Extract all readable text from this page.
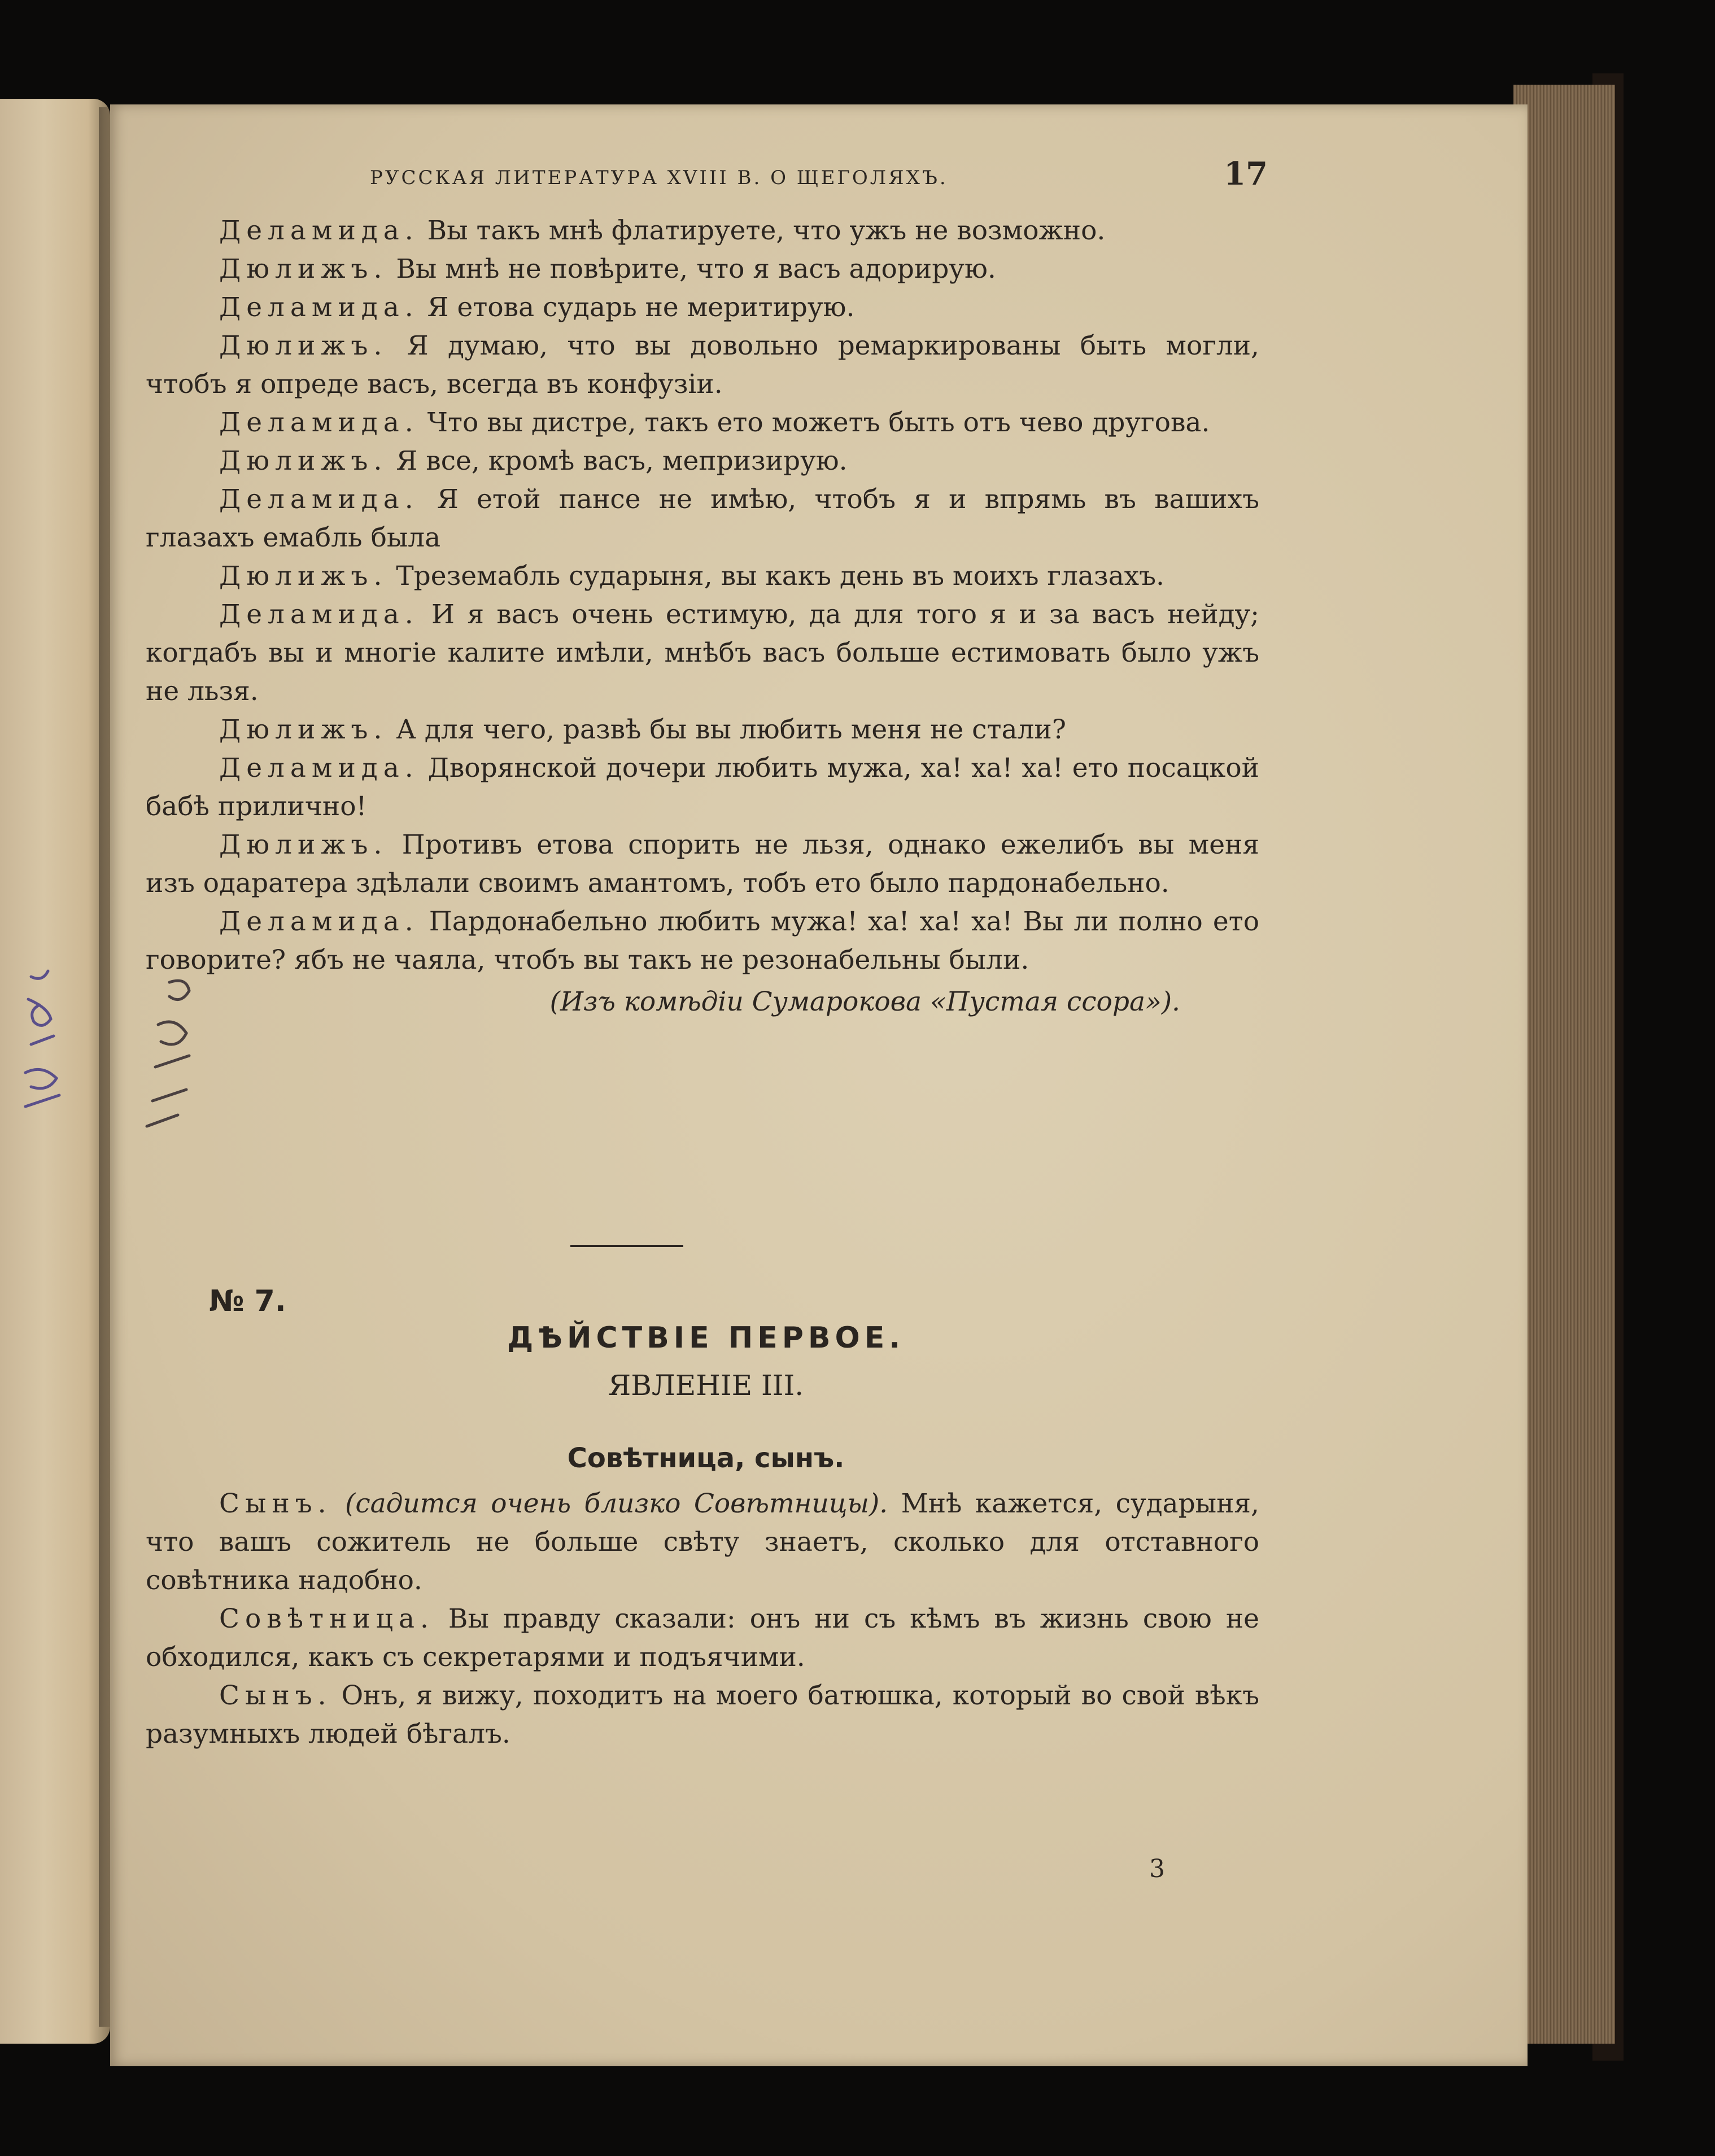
РУССКАЯ ЛИТЕРАТУРА XVIII В. О ЩЕГОЛЯХЪ.	17

Деламида. Вы такъ мнѣ флатируете, что ужъ не возможно.

Дюлижъ. Вы мнѣ не повѣрите, что я васъ адорирую.

Деламида. Я етова сударь не меритирую.

Дюлижъ. Я думаю, что вы довольно ремаркированы быть могли, чтобъ я опреде васъ, всегда въ конфузіи.

Деламида. Что вы дистре, такъ ето можетъ быть отъ чево другова.

Дюлижъ. Я все, кромѣ васъ, мепризирую.

Деламида. Я етой пансе не имѣю, чтобъ я и впрямь въ вашихъ глазахъ емабль была

Дюлижъ. Треземабль сударыня, вы какъ день въ моихъ глазахъ.

Деламида. И я васъ очень естимую, да для того я и за васъ нейду; когдабъ вы и многіе калите имѣли, мнѣбъ васъ больше естимовать было ужъ не льзя.

Дюлижъ. А для чего, развѣ бы вы любить меня не стали?

Деламида. Дворянской дочери любить мужа, ха! ха! ха! ето посацкой бабѣ прилично!

Дюлижъ. Противъ етова спорить не льзя, однако ежелибъ вы меня изъ одаратера здѣлали своимъ амантомъ, тобъ ето было пардонабельно.

Деламида. Пардонабельно любить мужа! ха! ха! ха! Вы ли полно ето говорите? ябъ не чаяла, чтобъ вы такъ не резонабельны были.

(Изъ комѣдіи Сумарокова «Пустая ссора»).

№ 7.
ДѢЙСТВІЕ ПЕРВОЕ.
ЯВЛЕНІЕ III.
Совѣтница, сынъ.

Сынъ. (садится очень близко Совѣтницы). Мнѣ кажется, сударыня, что вашъ сожитель не больше свѣту знаетъ, сколько для отставного совѣтника надобно.

Совѣтница. Вы правду сказали: онъ ни съ кѣмъ въ жизнь свою не обходился, какъ съ секретарями и подъячими.

Сынъ. Онъ, я вижу, походитъ на моего батюшка, который во свой вѣкъ разумныхъ людей бѣгалъ.

3
